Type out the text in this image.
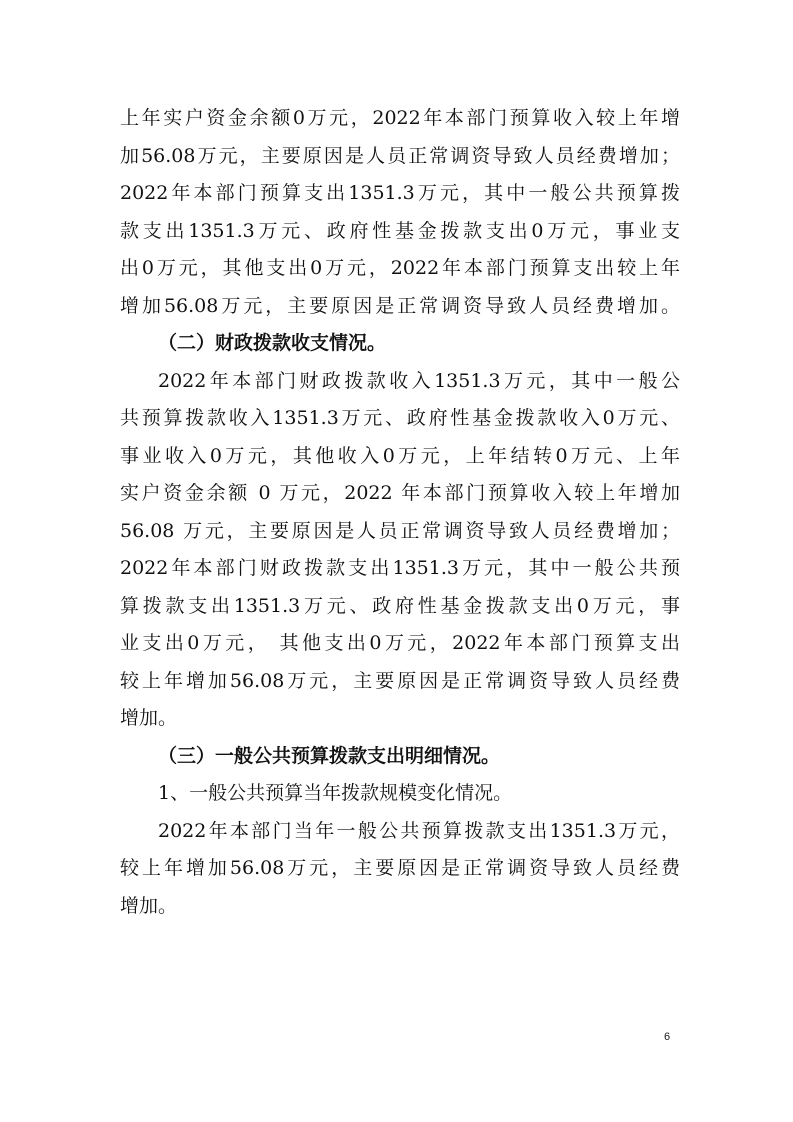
上年实户资金余额0万元，2022年本部门预算收入较上年增
加56.08万元，主要原因是人员正常调资导致人员经费增加；
2022年本部门预算支出1351.3万元，其中一般公共预算拨
款支出1351.3万元、政府性基金拨款支出0万元，事业支
出0万元，其他支出0万元，2022年本部门预算支出较上年
增加56.08万元，主要原因是正常调资导致人员经费增加。
（二）财政拨款收支情况。
2022年本部门财政拨款收入1351.3万元，其中一般公
共预算拨款收入1351.3万元、政府性基金拨款收入0万元、
事业收入0万元，其他收入0万元，上年结转0万元、上年
实户资金余额 0 万元，2022 年本部门预算收入较上年增加
56.08 万元，主要原因是人员正常调资导致人员经费增加；
2022年本部门财政拨款支出1351.3万元，其中一般公共预
算拨款支出1351.3万元、政府性基金拨款支出0万元，事
业支出0万元， 其他支出0万元，2022年本部门预算支出
较上年增加56.08万元，主要原因是正常调资导致人员经费
增加。
（三）一般公共预算拨款支出明细情况。
1、一般公共预算当年拨款规模变化情况。
2022年本部门当年一般公共预算拨款支出1351.3万元，
较上年增加56.08万元，主要原因是正常调资导致人员经费
增加。
6
